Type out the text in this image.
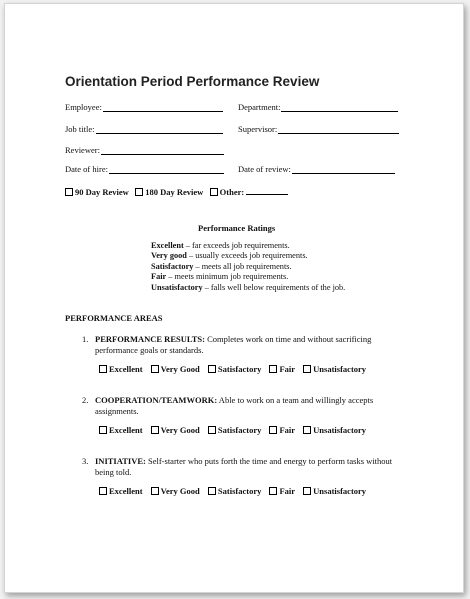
Orientation Period Performance Review
Employee:	Department:
Job title:	Supervisor:
Reviewer:
Date of hire:	Date of review:
90 Day Review 180 Day Review Other:
Performance Ratings
Excellent – far exceeds job requirements.
Very good – usually exceeds job requirements.
Satisfactory – meets all job requirements.
Fair – meets minimum job requirements.
Unsatisfactory – falls well below requirements of the job.
PERFORMANCE AREAS
1. PERFORMANCE RESULTS: Completes work on time and without sacrificing performance goals or standards.
Excellent Very Good Satisfactory Fair Unsatisfactory
2. COOPERATION/TEAMWORK: Able to work on a team and willingly accepts assignments.
Excellent Very Good Satisfactory Fair Unsatisfactory
3. INITIATIVE: Self-starter who puts forth the time and energy to perform tasks without being told.
Excellent Very Good Satisfactory Fair Unsatisfactory
